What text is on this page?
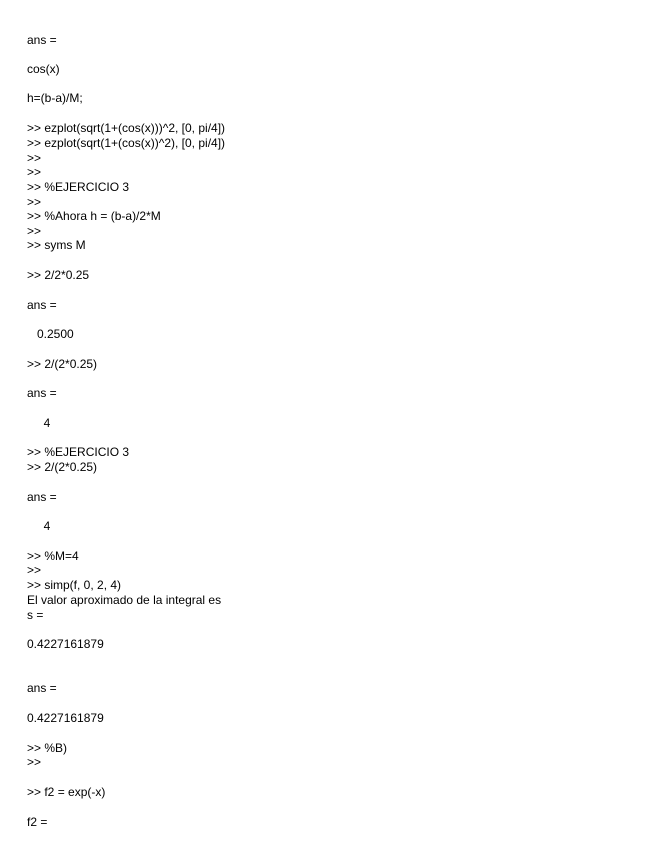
ans =
cos(x)
h=(b-a)/M;
>> ezplot(sqrt(1+(cos(x)))^2, [0, pi/4])
>> ezplot(sqrt(1+(cos(x))^2), [0, pi/4])
>>
>>
>> %EJERCICIO 3
>>
>> %Ahora h = (b-a)/2*M
>>
>> syms M
>> 2/2*0.25
ans =
0.2500
>> 2/(2*0.25)
ans =
4
>> %EJERCICIO 3
>> 2/(2*0.25)
ans =
4
>> %M=4
>>
>> simp(f, 0, 2, 4)
El valor aproximado de la integral es
s =
0.4227161879
ans =
0.4227161879
>> %B)
>>
>> f2 = exp(-x)
f2 =
